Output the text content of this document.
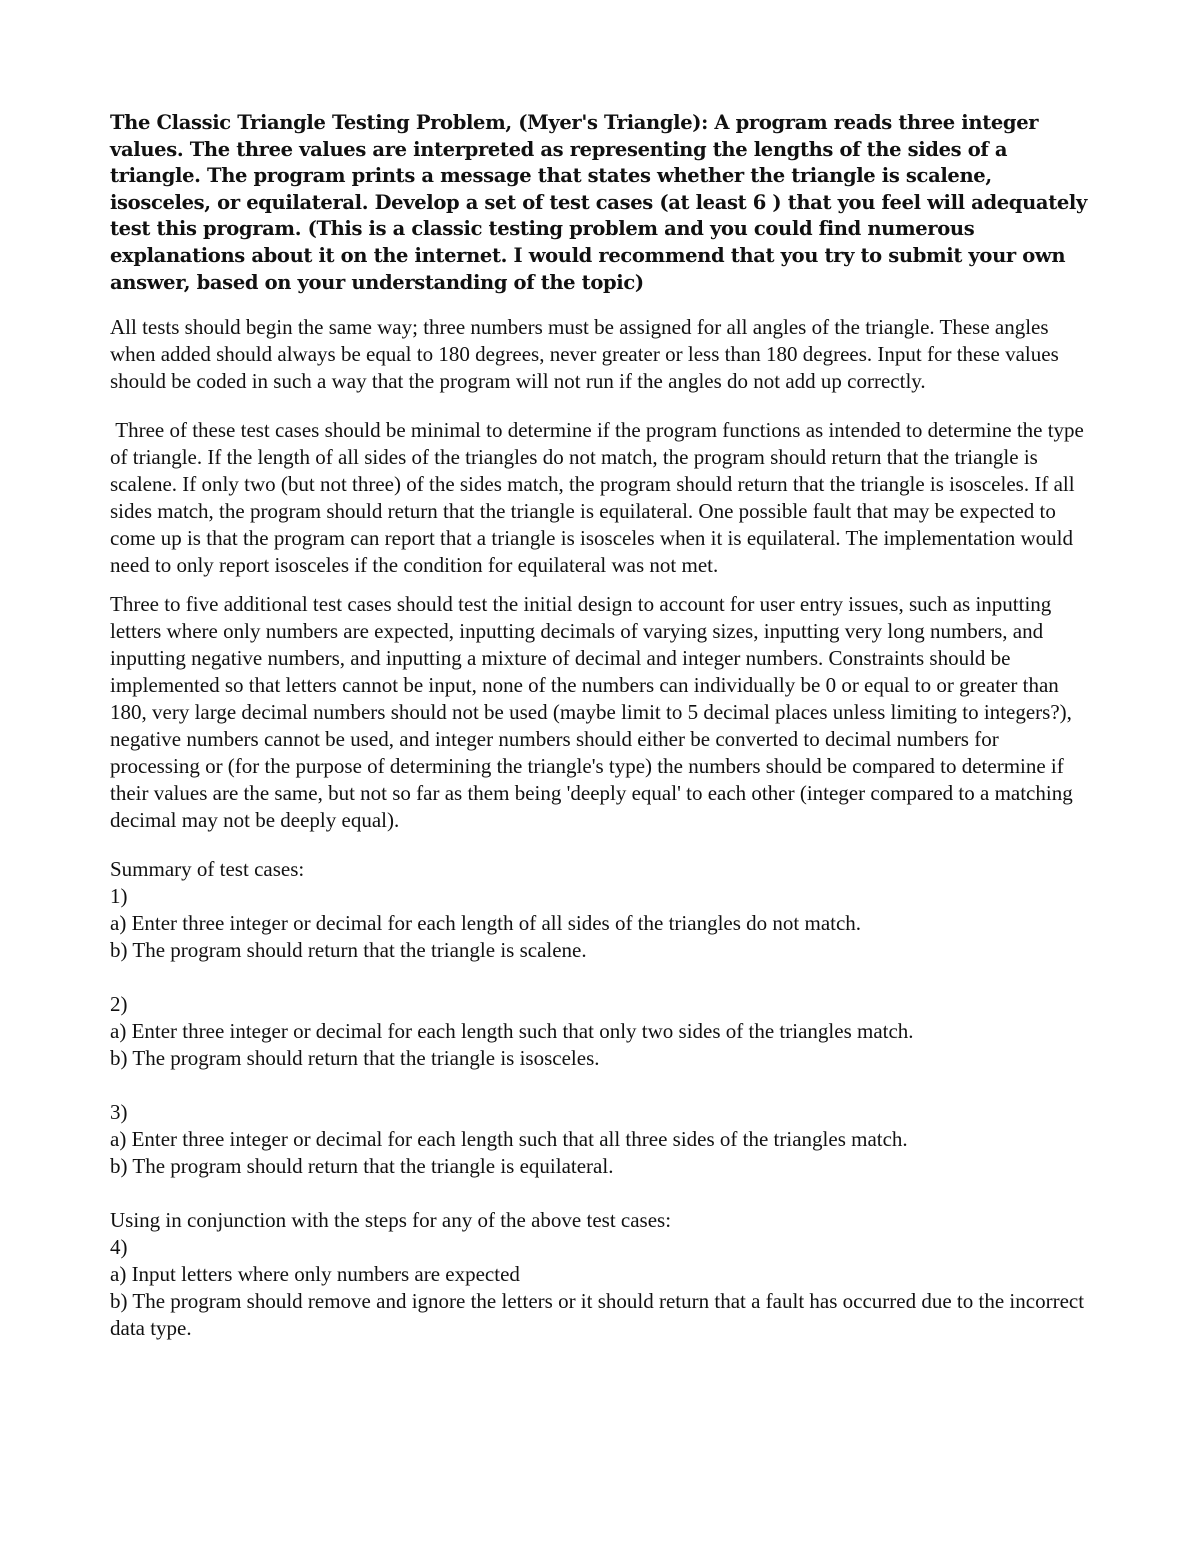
The Classic Triangle Testing Problem, (Myer's Triangle): A program reads three integer values. The three values are interpreted as representing the lengths of the sides of a triangle. The program prints a message that states whether the triangle is scalene, isosceles, or equilateral. Develop a set of test cases (at least 6 ) that you feel will adequately test this program. (This is a classic testing problem and you could find numerous explanations about it on the internet. I would recommend that you try to submit your own answer, based on your understanding of the topic)

All tests should begin the same way; three numbers must be assigned for all angles of the triangle. These angles when added should always be equal to 180 degrees, never greater or less than 180 degrees. Input for these values should be coded in such a way that the program will not run if the angles do not add up correctly.

Three of these test cases should be minimal to determine if the program functions as intended to determine the type of triangle. If the length of all sides of the triangles do not match, the program should return that the triangle is scalene. If only two (but not three) of the sides match, the program should return that the triangle is isosceles. If all sides match, the program should return that the triangle is equilateral. One possible fault that may be expected to come up is that the program can report that a triangle is isosceles when it is equilateral. The implementation would need to only report isosceles if the condition for equilateral was not met.

Three to five additional test cases should test the initial design to account for user entry issues, such as inputting letters where only numbers are expected, inputting decimals of varying sizes, inputting very long numbers, and inputting negative numbers, and inputting a mixture of decimal and integer numbers. Constraints should be implemented so that letters cannot be input, none of the numbers can individually be 0 or equal to or greater than 180, very large decimal numbers should not be used (maybe limit to 5 decimal places unless limiting to integers?), negative numbers cannot be used, and integer numbers should either be converted to decimal numbers for processing or (for the purpose of determining the triangle's type) the numbers should be compared to determine if their values are the same, but not so far as them being 'deeply equal' to each other (integer compared to a matching decimal may not be deeply equal).

Summary of test cases:
1)
a) Enter three integer or decimal for each length of all sides of the triangles do not match.
b) The program should return that the triangle is scalene.
2)
a) Enter three integer or decimal for each length such that only two sides of the triangles match.
b) The program should return that the triangle is isosceles.
3)
a) Enter three integer or decimal for each length such that all three sides of the triangles match.
b) The program should return that the triangle is equilateral.
Using in conjunction with the steps for any of the above test cases:
4)
a) Input letters where only numbers are expected
b) The program should remove and ignore the letters or it should return that a fault has occurred due to the incorrect data type.
